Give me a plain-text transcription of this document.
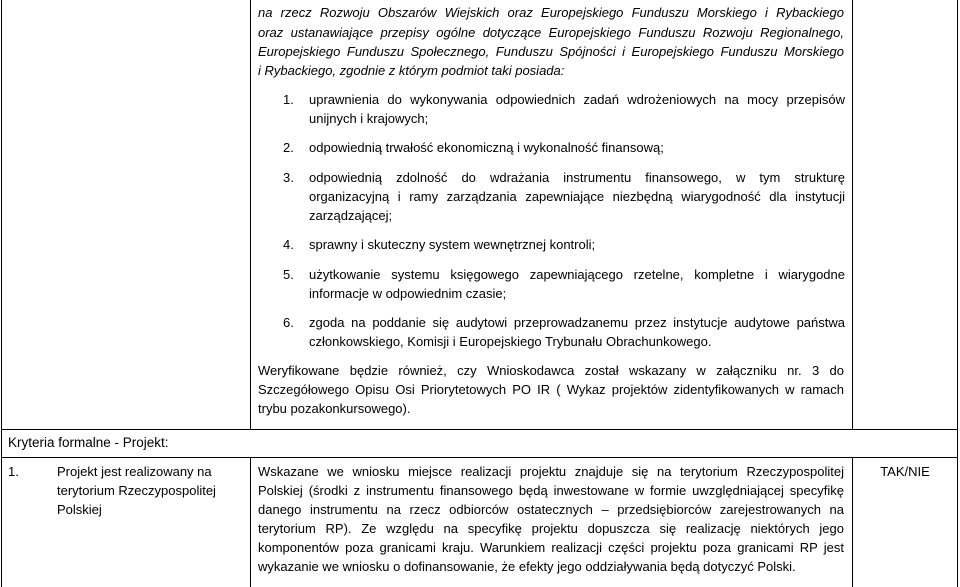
na rzecz Rozwoju Obszarów Wiejskich oraz Europejskiego Funduszu Morskiego i Rybackiego
oraz ustanawiające przepisy ogólne dotyczące Europejskiego Funduszu Rozwoju Regionalnego,
Europejskiego Funduszu Społecznego, Funduszu Spójności i Europejskiego Funduszu Morskiego
i Rybackiego, zgodnie z którym podmiot taki posiada:
1. uprawnienia do wykonywania odpowiednich zadań wdrożeniowych na mocy przepisów
unijnych i krajowych;
2. odpowiednią trwałość ekonomiczną i wykonalność finansową;
3. odpowiednią zdolność do wdrażania instrumentu finansowego, w tym strukturę
organizacyjną i ramy zarządzania zapewniające niezbędną wiarygodność dla instytucji
zarządzającej;
4. sprawny i skuteczny system wewnętrznej kontroli;
5. użytkowanie systemu księgowego zapewniającego rzetelne, kompletne i wiarygodne
informacje w odpowiednim czasie;
6. zgoda na poddanie się audytowi przeprowadzanemu przez instytucje audytowe państwa
członkowskiego, Komisji i Europejskiego Trybunału Obrachunkowego.
Weryfikowane będzie również, czy Wnioskodawca został wskazany w załączniku nr. 3 do
Szczegółowego Opisu Osi Priorytetowych PO IR ( Wykaz projektów zidentyfikowanych w ramach
trybu pozakonkursowego).
Kryteria formalne - Projekt:
1.	Projekt jest realizowany na
terytorium Rzeczypospolitej
Polskiej
Wskazane we wniosku miejsce realizacji projektu znajduje się na terytorium Rzeczypospolitej
Polskiej (środki z instrumentu finansowego będą inwestowane w formie uwzględniającej specyfikę
danego instrumentu na rzecz odbiorców ostatecznych – przedsiębiorców zarejestrowanych na
terytorium RP). Ze względu na specyfikę projektu dopuszcza się realizację niektórych jego
komponentów poza granicami kraju. Warunkiem realizacji części projektu poza granicami RP jest
wykazanie we wniosku o dofinansowanie, że efekty jego oddziaływania będą dotyczyć Polski.
TAK/NIE
